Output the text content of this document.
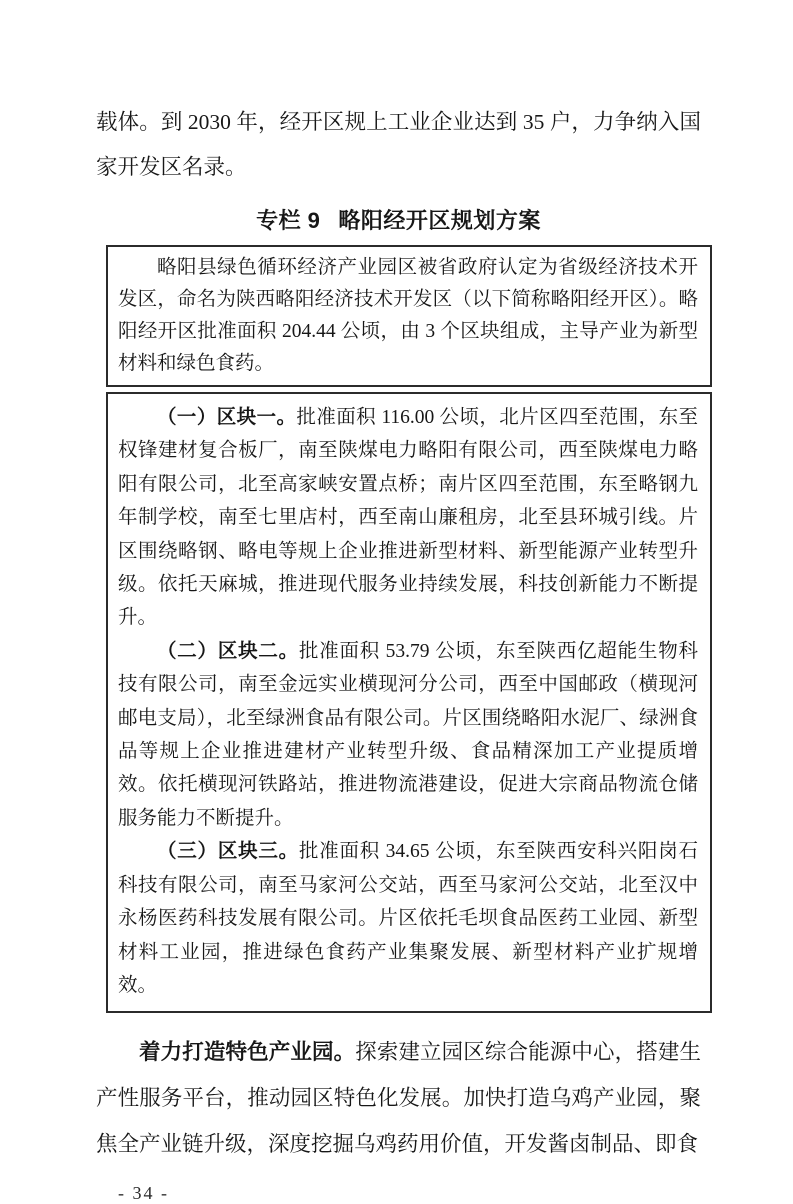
载体。到 2030 年，经开区规上工业企业达到 35 户，力争纳入国家开发区名录。

专栏 9 略阳经开区规划方案

略阳县绿色循环经济产业园区被省政府认定为省级经济技术开发区，命名为陕西略阳经济技术开发区（以下简称略阳经开区）。略阳经开区批准面积 204.44 公顷，由 3 个区块组成，主导产业为新型材料和绿色食药。

（一）区块一。批准面积 116.00 公顷，北片区四至范围，东至权锋建材复合板厂，南至陕煤电力略阳有限公司，西至陕煤电力略阳有限公司，北至高家峡安置点桥；南片区四至范围，东至略钢九年制学校，南至七里店村，西至南山廉租房，北至县环城引线。片区围绕略钢、略电等规上企业推进新型材料、新型能源产业转型升级。依托天麻城，推进现代服务业持续发展，科技创新能力不断提升。

（二）区块二。批准面积 53.79 公顷，东至陕西亿超能生物科技有限公司，南至金远实业横现河分公司，西至中国邮政（横现河邮电支局），北至绿洲食品有限公司。片区围绕略阳水泥厂、绿洲食品等规上企业推进建材产业转型升级、食品精深加工产业提质增效。依托横现河铁路站，推进物流港建设，促进大宗商品物流仓储服务能力不断提升。

（三）区块三。批准面积 34.65 公顷，东至陕西安科兴阳岗石科技有限公司，南至马家河公交站，西至马家河公交站，北至汉中永杨医药科技发展有限公司。片区依托毛坝食品医药工业园、新型材料工业园，推进绿色食药产业集聚发展、新型材料产业扩规增效。

着力打造特色产业园。探索建立园区综合能源中心，搭建生产性服务平台，推动园区特色化发展。加快打造乌鸡产业园，聚焦全产业链升级，深度挖掘乌鸡药用价值，开发酱卤制品、即食

- 34 -
